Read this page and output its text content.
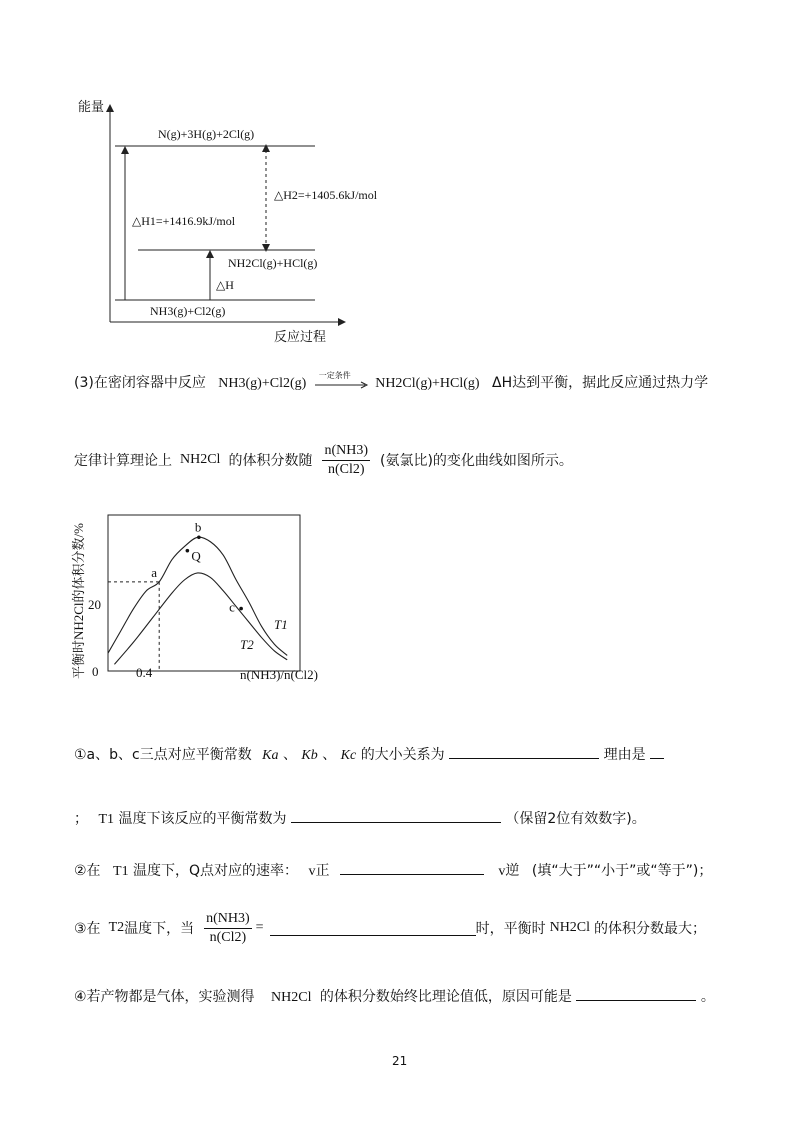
能量
反应过程
N(g)+3H(g)+2Cl(g)
NH2Cl(g)+HCl(g)
NH3(g)+Cl2(g)
△H1=+1416.9kJ/mol
△H2=+1405.6kJ/mol
△H
(3)在密闭容器中反应 NH3(g)+Cl2(g)
一定条件
NH2Cl(g)+HCl(g) ΔH达到平衡，据此反应通过热力学
定律计算理论上 NH2Cl 的体积分数随 $\frac{n(NH3)}{n(Cl2)}$ (氨氯比)的变化曲线如图所示。
a
b
Q
c
平衡时NH2Cl的体积分数/% 0
20
0.4	n(NH3)/n(Cl2)
T1
T2
①a、b、c三点对应平衡常数 Ka 、 Kb 、 Kc 的大小关系为	理由是
； T1 温度下该反应的平衡常数为	（保留2位有效数字)。
②在 T1 温度下，Q点对应的速率： v正	v逆 (填“大于”“小于”或“等于”)；
③在 T2 温度下，当 $\frac{n(NH3)}{n(Cl2)}$ =	时，平衡时 NH2Cl 的体积分数最大；
④若产物都是气体，实验测得 NH2Cl 的体积分数始终比理论值低，原因可能是	。
21
